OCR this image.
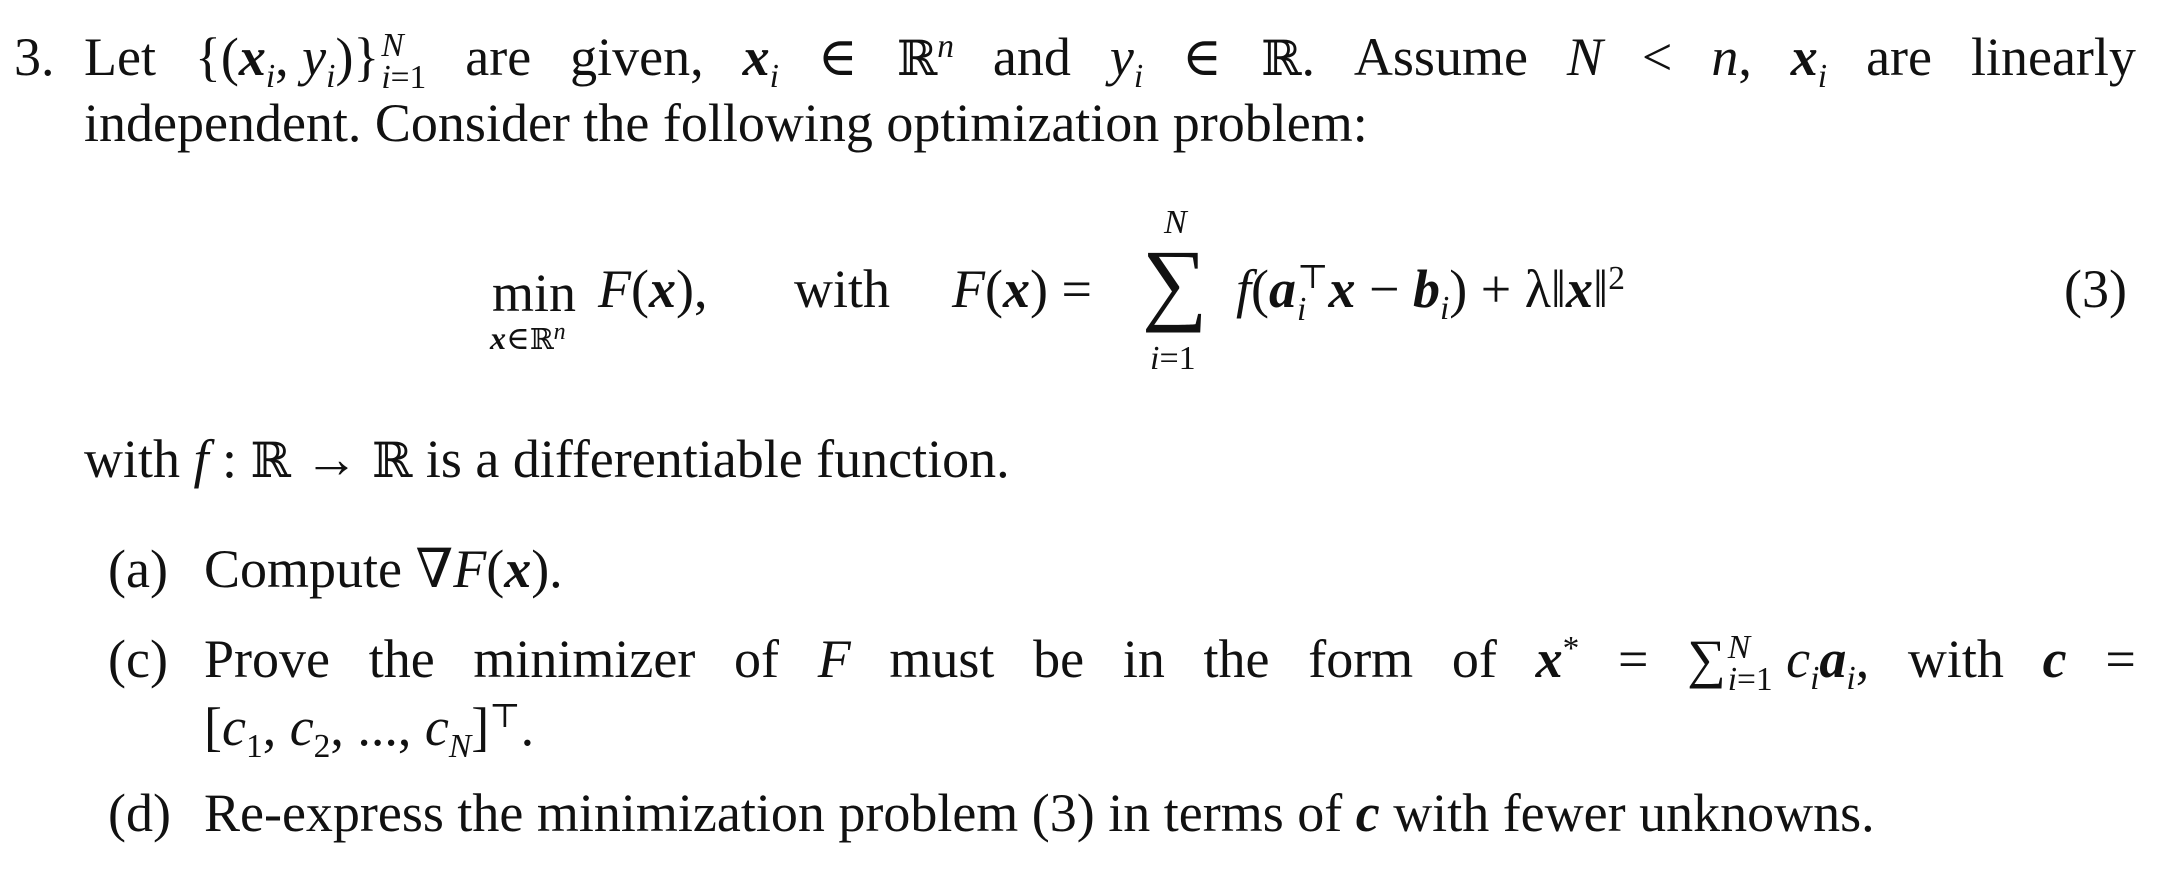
3. Let {($x_i$, $y_i$)} N
i=1 are given, $x_i$ ∈ ℝ$^n$ and $y_i$ ∈ ℝ. Assume N < n, $x_i$ are linearly
independent. Consider the following optimization problem:
min
x∈ℝ$^n$
F(x), with F(x) =
N
∑
i=1
f(a ⊤
i $x - b_i$) + λ‖x‖$^2$	(3)
with f : ℝ → ℝ is a differentiable function.
(a) Compute ∇F(x).
(c) Prove the minimizer of F must be in the form of x* = ∑ N
i=1 $c_ia_i$, with c =
[$c_1$, $c_2$, ..., $c_N]^⊤$.
(d) Re-express the minimization problem (3) in terms of c with fewer unknowns.
